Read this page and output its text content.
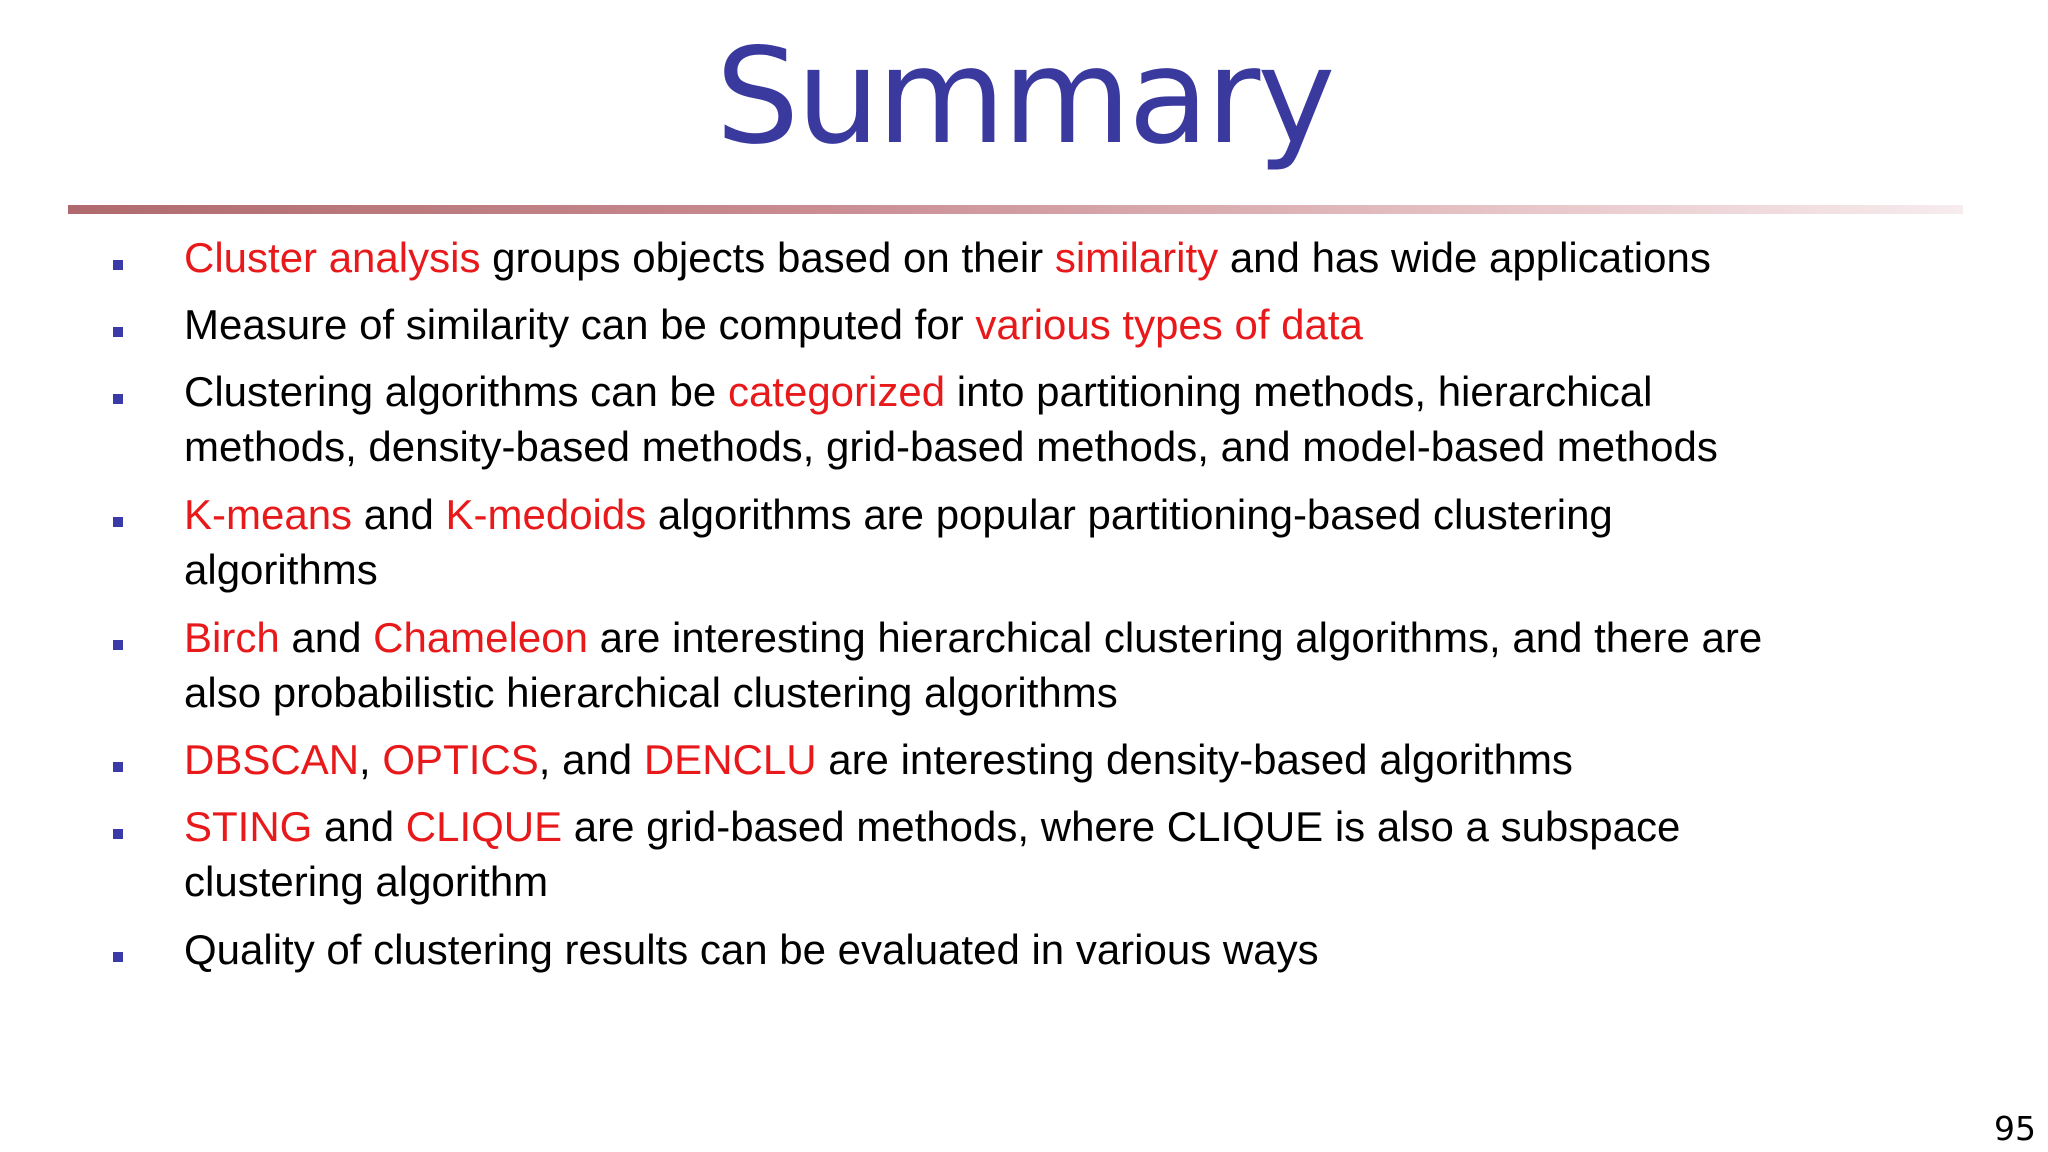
Summary
Cluster analysis groups objects based on their similarity and has wide applications
Measure of similarity can be computed for various types of data
Clustering algorithms can be categorized into partitioning methods, hierarchical
methods, density-based methods, grid-based methods, and model-based methods
K-means and K-medoids algorithms are popular partitioning-based clustering
algorithms
Birch and Chameleon are interesting hierarchical clustering algorithms, and there are
also probabilistic hierarchical clustering algorithms
DBSCAN, OPTICS, and DENCLU are interesting density-based algorithms
STING and CLIQUE are grid-based methods, where CLIQUE is also a subspace
clustering algorithm
Quality of clustering results can be evaluated in various ways
95
